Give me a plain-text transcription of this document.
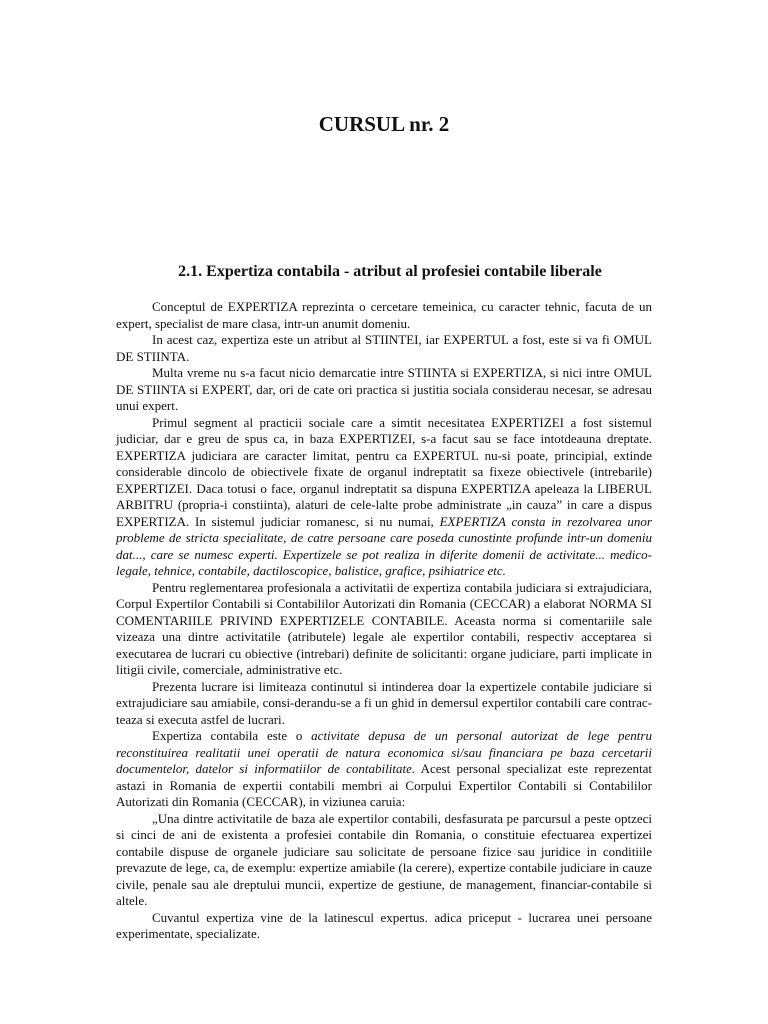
CURSUL nr. 2
2.1. Expertiza contabila - atribut al profesiei contabile liberale

Conceptul de EXPERTIZA reprezinta o cercetare temeinica, cu caracter tehnic, facuta de un expert, specialist de mare clasa, intr-un anumit domeniu.

In acest caz, expertiza este un atribut al STIINTEI, iar EXPERTUL a fost, este si va fi OMUL DE STIINTA.

Multa vreme nu s-a facut nicio demarcatie intre STIINTA si EXPERTIZA, si nici intre OMUL DE STIINTA si EXPERT, dar, ori de cate ori practica si justitia sociala considerau necesar, se adresau unui expert.

Primul segment al practicii sociale care a simtit necesitatea EXPERTIZEI a fost sistemul judiciar, dar e greu de spus ca, in baza EXPERTIZEI, s-a facut sau se face intotdeauna dreptate. EXPERTIZA judiciara are caracter limitat, pentru ca EXPERTUL nu-si poate, principial, extinde considerable dincolo de obiectivele fixate de organul indreptatit sa fixeze obiectivele (intrebarile) EXPERTIZEI. Daca totusi o face, organul indreptatit sa dispuna EXPERTIZA apeleaza la LIBERUL ARBITRU (propria-i constiinta), alaturi de cele-lalte probe administrate „in cauza” in care a dispus EXPERTIZA. In sistemul judiciar romanesc, si nu numai, EXPERTIZA consta in rezolvarea unor probleme de stricta specialitate, de catre persoane care poseda cunostinte profunde intr-un domeniu dat..., care se numesc experti. Expertizele se pot realiza in diferite domenii de activitate... medico-legale, tehnice, contabile, dactiloscopice, balistice, grafice, psihiatrice etc.

Pentru reglementarea profesionala a activitatii de expertiza contabila judiciara si extrajudiciara, Corpul Expertilor Contabili si Contabililor Autorizati din Romania (CECCAR) a elaborat NORMA SI COMENTARIILE PRIVIND EXPERTIZELE CONTABILE. Aceasta norma si comentariile sale vizeaza una dintre activitatile (atributele) legale ale expertilor contabili, respectiv acceptarea si executarea de lucrari cu obiective (intrebari) definite de solicitanti: organe judiciare, parti implicate in litigii civile, comerciale, administrative etc.

Prezenta lucrare isi limiteaza continutul si intinderea doar la expertizele contabile judiciare si extrajudiciare sau amiabile, consi-derandu-se a fi un ghid in demersul expertilor contabili care contrac-teaza si executa astfel de lucrari.

Expertiza contabila este o activitate depusa de un personal autorizat de lege pentru reconstituirea realitatii unei operatii de natura economica si/sau financiara pe baza cercetarii documentelor, datelor si informatiilor de contabilitate. Acest personal specializat este reprezentat astazi in Romania de expertii contabili membri ai Corpului Expertilor Contabili si Contabililor Autorizati din Romania (CECCAR), in viziunea caruia:

„Una dintre activitatile de baza ale expertilor contabili, desfasurata pe parcursul a peste optzeci si cinci de ani de existenta a profesiei contabile din Romania, o constituie efectuarea expertizei contabile dispuse de organele judiciare sau solicitate de persoane fizice sau juridice in conditiile prevazute de lege, ca, de exemplu: expertize amiabile (la cerere), expertize contabile judiciare in cauze civile, penale sau ale dreptului muncii, expertize de gestiune, de management, financiar-contabile si altele.

Cuvantul expertiza vine de la latinescul expertus. adica priceput - lucrarea unei persoane experimentate, specializate.
